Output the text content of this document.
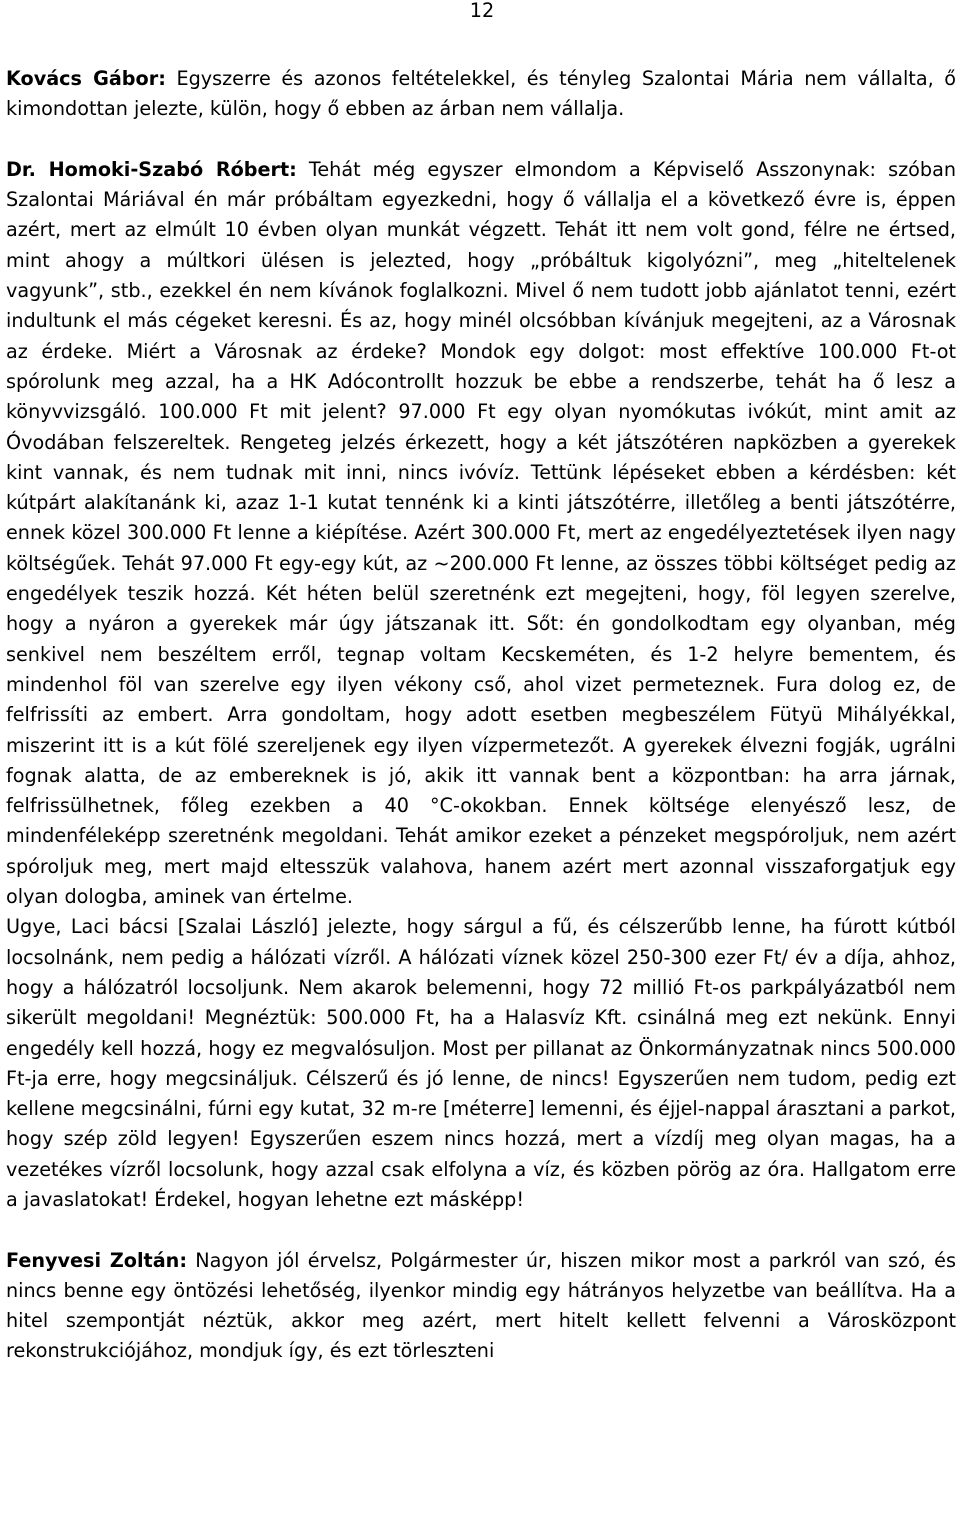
12

Kovács Gábor: Egyszerre és azonos feltételekkel, és tényleg Szalontai Mária nem vállalta, ő kimondottan jelezte, külön, hogy ő ebben az árban nem vállalja.

Dr. Homoki-Szabó Róbert: Tehát még egyszer elmondom a Képviselő Asszonynak: szóban Szalontai Máriával én már próbáltam egyezkedni, hogy ő vállalja el a következő évre is, éppen azért, mert az elmúlt 10 évben olyan munkát végzett. Tehát itt nem volt gond, félre ne értsed, mint ahogy a múltkori ülésen is jelezted, hogy „próbáltuk kigolyózni”, meg „hiteltelenek vagyunk”, stb., ezekkel én nem kívánok foglalkozni. Mivel ő nem tudott jobb ajánlatot tenni, ezért indultunk el más cégeket keresni. És az, hogy minél olcsóbban kívánjuk megejteni, az a Városnak az érdeke. Miért a Városnak az érdeke? Mondok egy dolgot: most effektíve 100.000 Ft-ot spórolunk meg azzal, ha a HK Adócontrollt hozzuk be ebbe a rendszerbe, tehát ha ő lesz a könyvvizsgáló. 100.000 Ft mit jelent? 97.000 Ft egy olyan nyomókutas ivókút, mint amit az Óvodában felszereltek. Rengeteg jelzés érkezett, hogy a két játszótéren napközben a gyerekek kint vannak, és nem tudnak mit inni, nincs ivóvíz. Tettünk lépéseket ebben a kérdésben: két kútpárt alakítanánk ki, azaz 1-1 kutat tennénk ki a kinti játszótérre, illetőleg a benti játszótérre, ennek közel 300.000 Ft lenne a kiépítése. Azért 300.000 Ft, mert az engedélyeztetések ilyen nagy költségűek. Tehát 97.000 Ft egy-egy kút, az ~200.000 Ft lenne, az összes többi költséget pedig az engedélyek teszik hozzá. Két héten belül szeretnénk ezt megejteni, hogy, föl legyen szerelve, hogy a nyáron a gyerekek már úgy játszanak itt. Sőt: én gondolkodtam egy olyanban, még senkivel nem beszéltem erről, tegnap voltam Kecskeméten, és 1-2 helyre bementem, és mindenhol föl van szerelve egy ilyen vékony cső, ahol vizet permeteznek. Fura dolog ez, de felfrissíti az embert. Arra gondoltam, hogy adott esetben megbeszélem Fütyü Mihályékkal, miszerint itt is a kút fölé szereljenek egy ilyen vízpermetezőt. A gyerekek élvezni fogják, ugrálni fognak alatta, de az embereknek is jó, akik itt vannak bent a központban: ha arra járnak, felfrissülhetnek, főleg ezekben a 40 °C-okokban. Ennek költsége elenyésző lesz, de mindenféleképp szeretnénk megoldani. Tehát amikor ezeket a pénzeket megspóroljuk, nem azért spóroljuk meg, mert majd eltesszük valahova, hanem azért mert azonnal visszaforgatjuk egy olyan dologba, aminek van értelme.

Ugye, Laci bácsi [Szalai László] jelezte, hogy sárgul a fű, és célszerűbb lenne, ha fúrott kútból locsolnánk, nem pedig a hálózati vízről. A hálózati víznek közel 250-300 ezer Ft/ év a díja, ahhoz, hogy a hálózatról locsoljunk. Nem akarok belemenni, hogy 72 millió Ft-os parkpályázatból nem sikerült megoldani! Megnéztük: 500.000 Ft, ha a Halasvíz Kft. csinálná meg ezt nekünk. Ennyi engedély kell hozzá, hogy ez megvalósuljon. Most per pillanat az Önkormányzatnak nincs 500.000 Ft-ja erre, hogy megcsináljuk. Célszerű és jó lenne, de nincs! Egyszerűen nem tudom, pedig ezt kellene megcsinálni, fúrni egy kutat, 32 m-re [méterre] lemenni, és éjjel-nappal árasztani a parkot, hogy szép zöld legyen! Egyszerűen eszem nincs hozzá, mert a vízdíj meg olyan magas, ha a vezetékes vízről locsolunk, hogy azzal csak elfolyna a víz, és közben pörög az óra. Hallgatom erre a javaslatokat! Érdekel, hogyan lehetne ezt másképp!

Fenyvesi Zoltán: Nagyon jól érvelsz, Polgármester úr, hiszen mikor most a parkról van szó, és nincs benne egy öntözési lehetőség, ilyenkor mindig egy hátrányos helyzetbe van beállítva. Ha a hitel szempontját néztük, akkor meg azért, mert hitelt kellett felvenni a Városközpont rekonstrukciójához, mondjuk így, és ezt törleszteni
